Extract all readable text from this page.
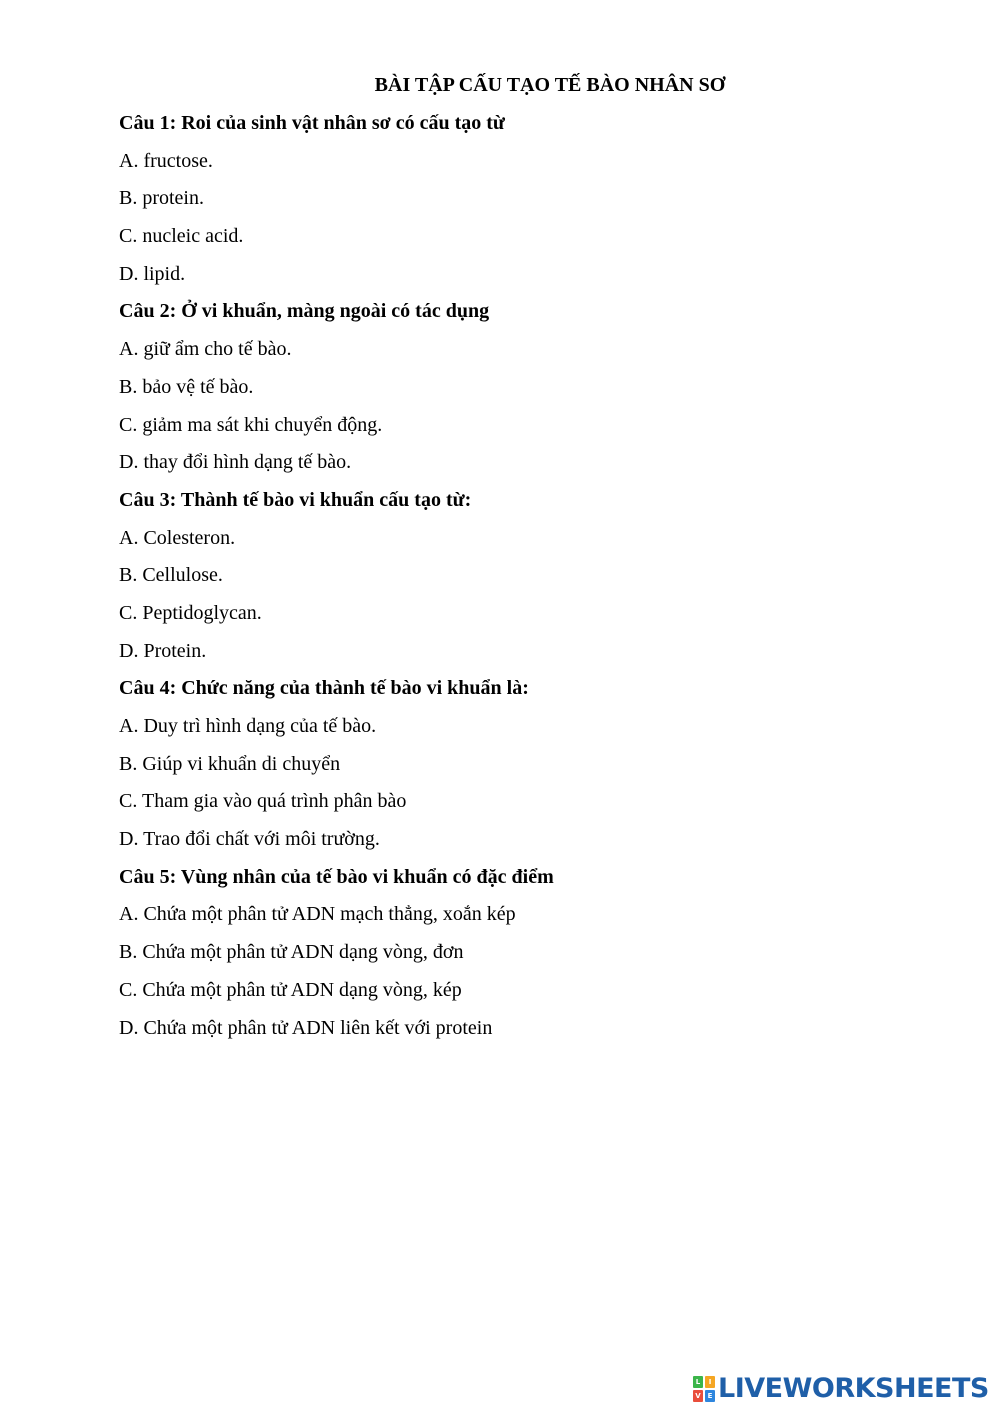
BÀI TẬP CẤU TẠO TẾ BÀO NHÂN SƠ
Câu 1: Roi của sinh vật nhân sơ có cấu tạo từ
A. fructose.
B. protein.
C. nucleic acid.
D. lipid.
Câu 2: Ở vi khuẩn, màng ngoài có tác dụng
A. giữ ẩm cho tế bào.
B. bảo vệ tế bào.
C. giảm ma sát khi chuyển động.
D. thay đổi hình dạng tế bào.
Câu 3: Thành tế bào vi khuẩn cấu tạo từ:
A. Colesteron.
B. Cellulose.
C. Peptidoglycan.
D. Protein.
Câu 4: Chức năng của thành tế bào vi khuẩn là:
A. Duy trì hình dạng của tế bào.
B. Giúp vi khuẩn di chuyển
C. Tham gia vào quá trình phân bào
D. Trao đổi chất với môi trường.
Câu 5: Vùng nhân của tế bào vi khuẩn có đặc điểm
A. Chứa một phân tử ADN mạch thẳng, xoắn kép
B. Chứa một phân tử ADN dạng vòng, đơn
C. Chứa một phân tử ADN dạng vòng, kép
D. Chứa một phân tử ADN liên kết với protein
L	I
V E LIVEWORKSHEETS
